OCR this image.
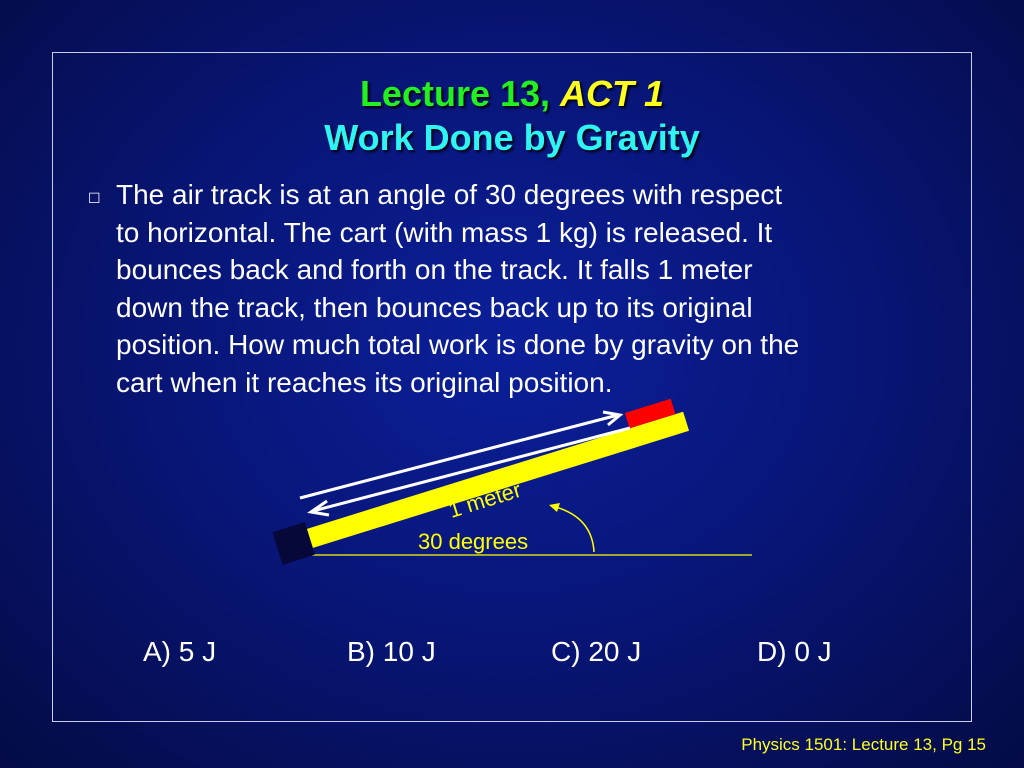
Lecture 13, ACT 1
Work Done by Gravity
☐ The air track is at an angle of 30 degrees with respect
to horizontal. The cart (with mass 1 kg) is released. It
bounces back and forth on the track. It falls 1 meter
down the track, then bounces back up to its original
position. How much total work is done by gravity on the
cart when it reaches its original position.
1 meter
30 degrees
A) 5 J	B) 10 J	C) 20 J	D) 0 J
Physics 1501: Lecture 13, Pg 15
